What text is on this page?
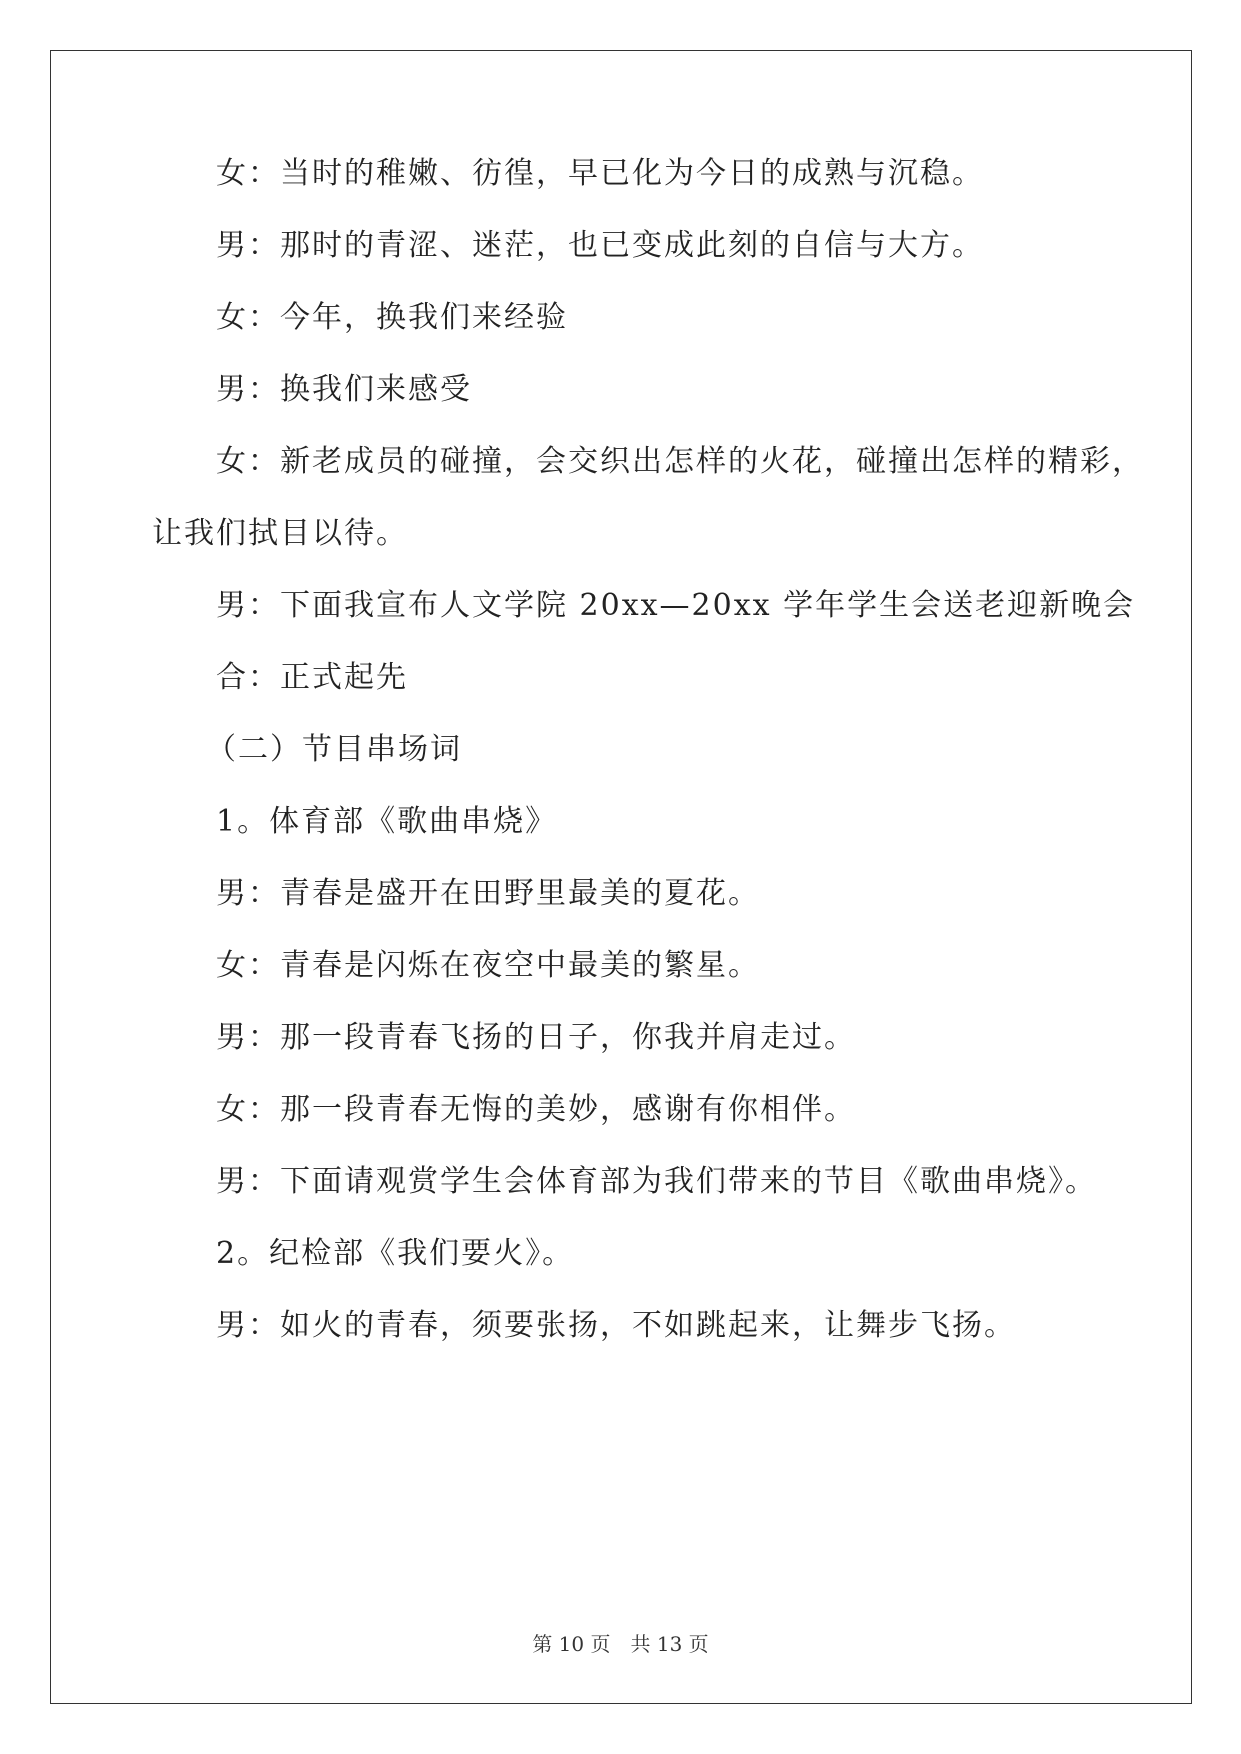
女：当时的稚嫩、彷徨，早已化为今日的成熟与沉稳。
男：那时的青涩、迷茫，也已变成此刻的自信与大方。
女：今年，换我们来经验
男：换我们来感受
女：新老成员的碰撞，会交织出怎样的火花，碰撞出怎样的精彩，
让我们拭目以待。
男：下面我宣布人文学院 20xx—20xx 学年学生会送老迎新晚会
合：正式起先
（二）节目串场词
1。体育部《歌曲串烧》
男：青春是盛开在田野里最美的夏花。
女：青春是闪烁在夜空中最美的繁星。
男：那一段青春飞扬的日子，你我并肩走过。
女：那一段青春无悔的美妙，感谢有你相伴。
男：下面请观赏学生会体育部为我们带来的节目《歌曲串烧》。
2。纪检部《我们要火》。
男：如火的青春，须要张扬，不如跳起来，让舞步飞扬。
第 10 页 共 13 页
